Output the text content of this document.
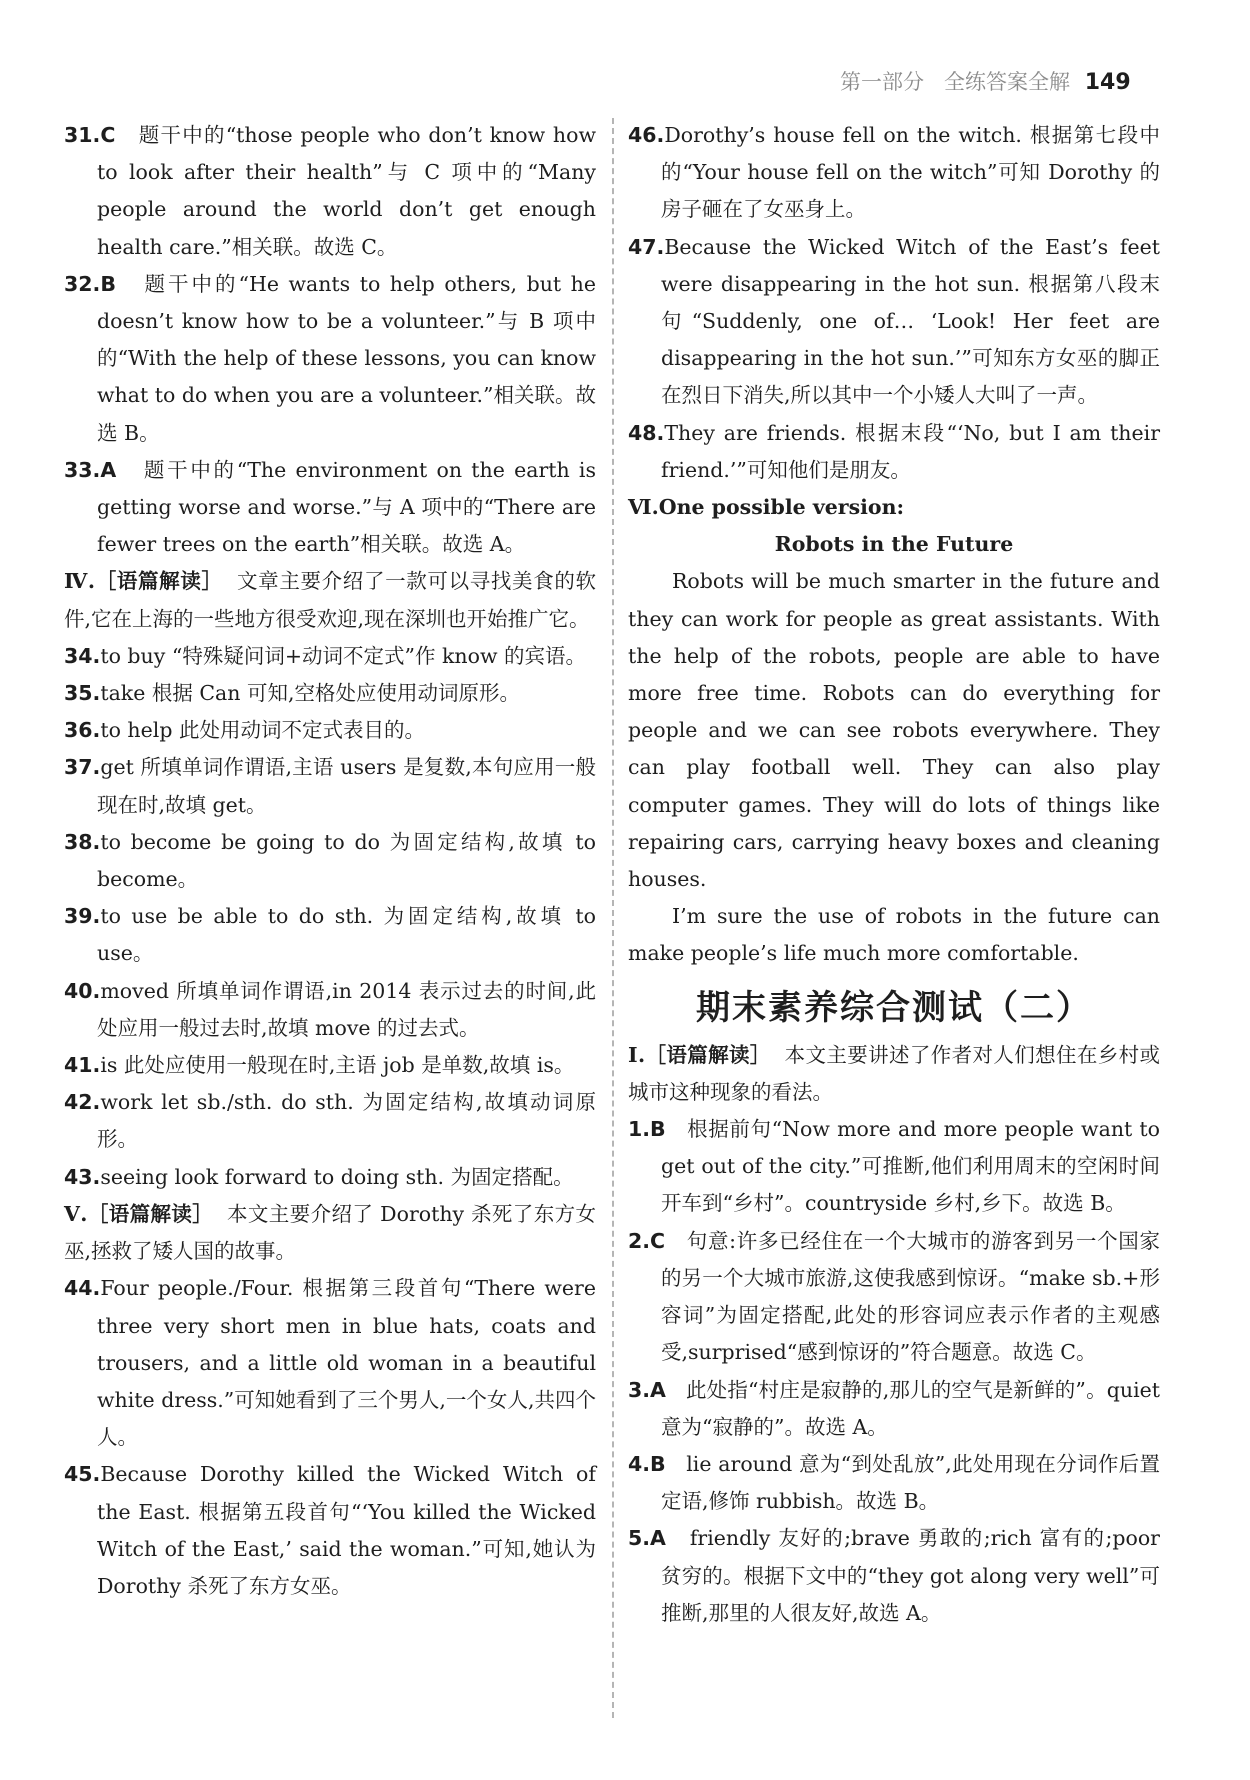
第一部分 全练答案全解 149
31.C 题干中的“those people who don’t know how to look after their health”与 C 项中的“Many people around the world don’t get enough health care.”相关联。故选 C。
32.B 题干中的“He wants to help others, but he doesn’t know how to be a volunteer.”与 B 项中的“With the help of these lessons, you can know what to do when you are a volunteer.”相关联。故选 B。
33.A 题干中的“The environment on the earth is getting worse and worse.”与 A 项中的“There are fewer trees on the earth”相关联。故选 A。
Ⅳ.［语篇解读］ 文章主要介绍了一款可以寻找美食的软件,它在上海的一些地方很受欢迎,现在深圳也开始推广它。
34.to buy “特殊疑问词+动词不定式”作 know 的宾语。
35.take 根据 Can 可知,空格处应使用动词原形。
36.to help 此处用动词不定式表目的。
37.get 所填单词作谓语,主语 users 是复数,本句应用一般现在时,故填 get。
38.to become be going to do 为固定结构,故填 to become。
39.to use be able to do sth. 为固定结构,故填 to use。
40.moved 所填单词作谓语,in 2014 表示过去的时间,此处应用一般过去时,故填 move 的过去式。
41.is 此处应使用一般现在时,主语 job 是单数,故填 is。
42.work let sb./sth. do sth. 为固定结构,故填动词原形。
43.seeing look forward to doing sth. 为固定搭配。
Ⅴ.［语篇解读］ 本文主要介绍了 Dorothy 杀死了东方女巫,拯救了矮人国的故事。
44.Four people./Four. 根据第三段首句“There were three very short men in blue hats, coats and trousers, and a little old woman in a beautiful white dress.”可知她看到了三个男人,一个女人,共四个人。
45.Because Dorothy killed the Wicked Witch of the East. 根据第五段首句“‘You killed the Wicked Witch of the East,’ said the woman.”可知,她认为 Dorothy 杀死了东方女巫。
46.Dorothy’s house fell on the witch. 根据第七段中的“Your house fell on the witch”可知 Dorothy 的房子砸在了女巫身上。
47.Because the Wicked Witch of the East’s feet were disappearing in the hot sun. 根据第八段末句“Suddenly, one of… ‘Look! Her feet are disappearing in the hot sun.’”可知东方女巫的脚正在烈日下消失,所以其中一个小矮人大叫了一声。
48.They are friends. 根据末段“‘No, but I am their friend.’”可知他们是朋友。
Ⅵ.One possible version:
Robots in the Future
Robots will be much smarter in the future and they can work for people as great assistants. With the help of the robots, people are able to have more free time. Robots can do everything for people and we can see robots everywhere. They can play football well. They can also play computer games. They will do lots of things like repairing cars, carrying heavy boxes and cleaning houses.
I’m sure the use of robots in the future can make people’s life much more comfortable.
期末素养综合测试（二）
Ⅰ.［语篇解读］ 本文主要讲述了作者对人们想住在乡村或城市这种现象的看法。
1.B 根据前句“Now more and more people want to get out of the city.”可推断,他们利用周末的空闲时间开车到“乡村”。countryside 乡村,乡下。故选 B。
2.C 句意:许多已经住在一个大城市的游客到另一个国家的另一个大城市旅游,这使我感到惊讶。“make sb.+形容词”为固定搭配,此处的形容词应表示作者的主观感受,surprised“感到惊讶的”符合题意。故选 C。
3.A 此处指“村庄是寂静的,那儿的空气是新鲜的”。quiet 意为“寂静的”。故选 A。
4.B lie around 意为“到处乱放”,此处用现在分词作后置定语,修饰 rubbish。故选 B。
5.A friendly 友好的;brave 勇敢的;rich 富有的;poor 贫穷的。根据下文中的“they got along very well”可推断,那里的人很友好,故选 A。
